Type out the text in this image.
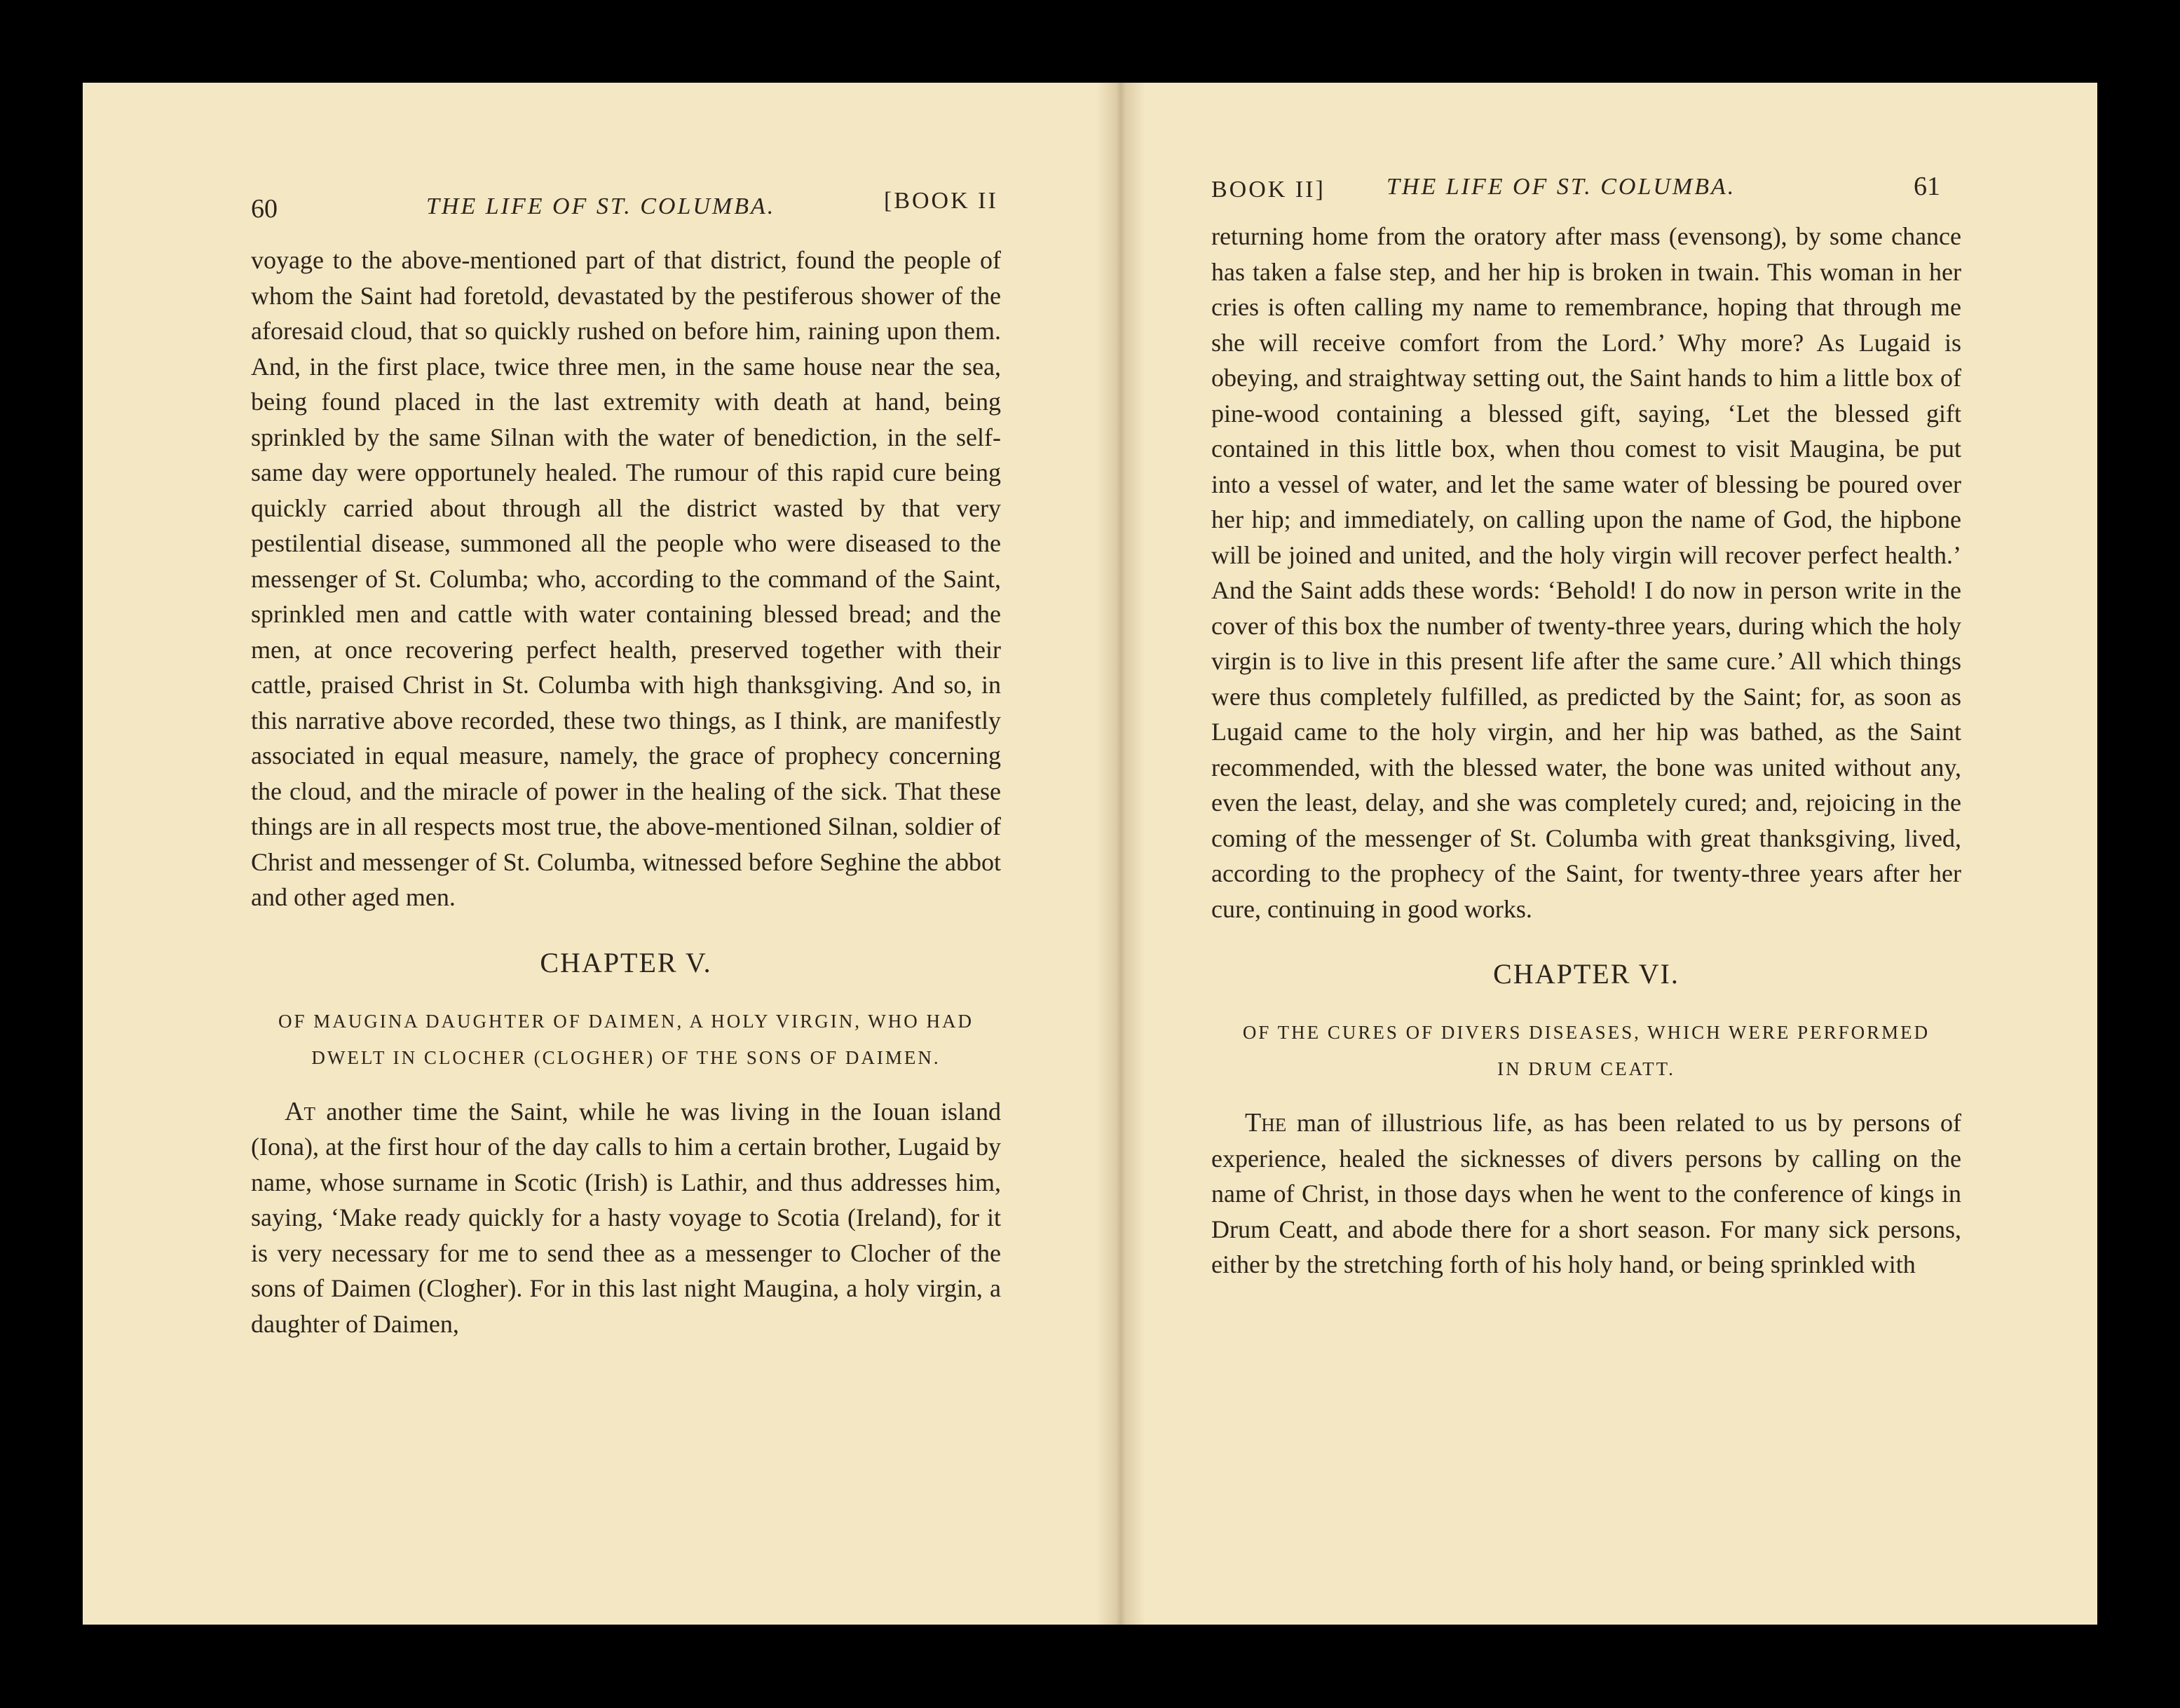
60	THE LIFE OF ST. COLUMBA.	[BOOK II

voyage to the above-mentioned part of that district, found the people of whom the Saint had foretold, devastated by the pestiferous shower of the aforesaid cloud, that so quickly rushed on before him, raining upon them. And, in the first place, twice three men, in the same house near the sea, being found placed in the last extremity with death at hand, being sprinkled by the same Silnan with the water of benediction, in the self-same day were opportunely healed. The rumour of this rapid cure being quickly carried about through all the district wasted by that very pestilential disease, summoned all the people who were diseased to the messenger of St. Columba; who, according to the command of the Saint, sprinkled men and cattle with water containing blessed bread; and the men, at once recovering perfect health, preserved together with their cattle, praised Christ in St. Columba with high thanksgiving. And so, in this narrative above recorded, these two things, as I think, are manifestly associated in equal measure, namely, the grace of prophecy concerning the cloud, and the miracle of power in the healing of the sick. That these things are in all respects most true, the above-mentioned Silnan, soldier of Christ and messenger of St. Columba, witnessed before Seghine the abbot and other aged men.

CHAPTER V.
OF MAUGINA DAUGHTER OF DAIMEN, A HOLY VIRGIN, WHO HAD
DWELT IN CLOCHER (CLOGHER) OF THE SONS OF DAIMEN.

At another time the Saint, while he was living in the Iouan island (Iona), at the first hour of the day calls to him a certain brother, Lugaid by name, whose surname in Scotic (Irish) is Lathir, and thus addresses him, saying, ‘Make ready quickly for a hasty voyage to Scotia (Ireland), for it is very necessary for me to send thee as a messenger to Clocher of the sons of Daimen (Clogher). For in this last night Maugina, a holy virgin, a daughter of Daimen,

BOOK II]	THE LIFE OF ST. COLUMBA.	61

returning home from the oratory after mass (evensong), by some chance has taken a false step, and her hip is broken in twain. This woman in her cries is often calling my name to remembrance, hoping that through me she will receive comfort from the Lord.’ Why more? As Lugaid is obeying, and straightway setting out, the Saint hands to him a little box of pine-wood containing a blessed gift, saying, ‘Let the blessed gift contained in this little box, when thou comest to visit Maugina, be put into a vessel of water, and let the same water of blessing be poured over her hip; and immediately, on calling upon the name of God, the hipbone will be joined and united, and the holy virgin will recover perfect health.’ And the Saint adds these words: ‘Behold! I do now in person write in the cover of this box the number of twenty-three years, during which the holy virgin is to live in this present life after the same cure.’ All which things were thus completely fulfilled, as predicted by the Saint; for, as soon as Lugaid came to the holy virgin, and her hip was bathed, as the Saint recommended, with the blessed water, the bone was united without any, even the least, delay, and she was completely cured; and, rejoicing in the coming of the messenger of St. Columba with great thanksgiving, lived, according to the prophecy of the Saint, for twenty-three years after her cure, continuing in good works.

CHAPTER VI.
OF THE CURES OF DIVERS DISEASES, WHICH WERE PERFORMED
IN DRUM CEATT.

The man of illustrious life, as has been related to us by persons of experience, healed the sicknesses of divers persons by calling on the name of Christ, in those days when he went to the conference of kings in Drum Ceatt, and abode there for a short season. For many sick persons, either by the stretching forth of his holy hand, or being sprinkled with
